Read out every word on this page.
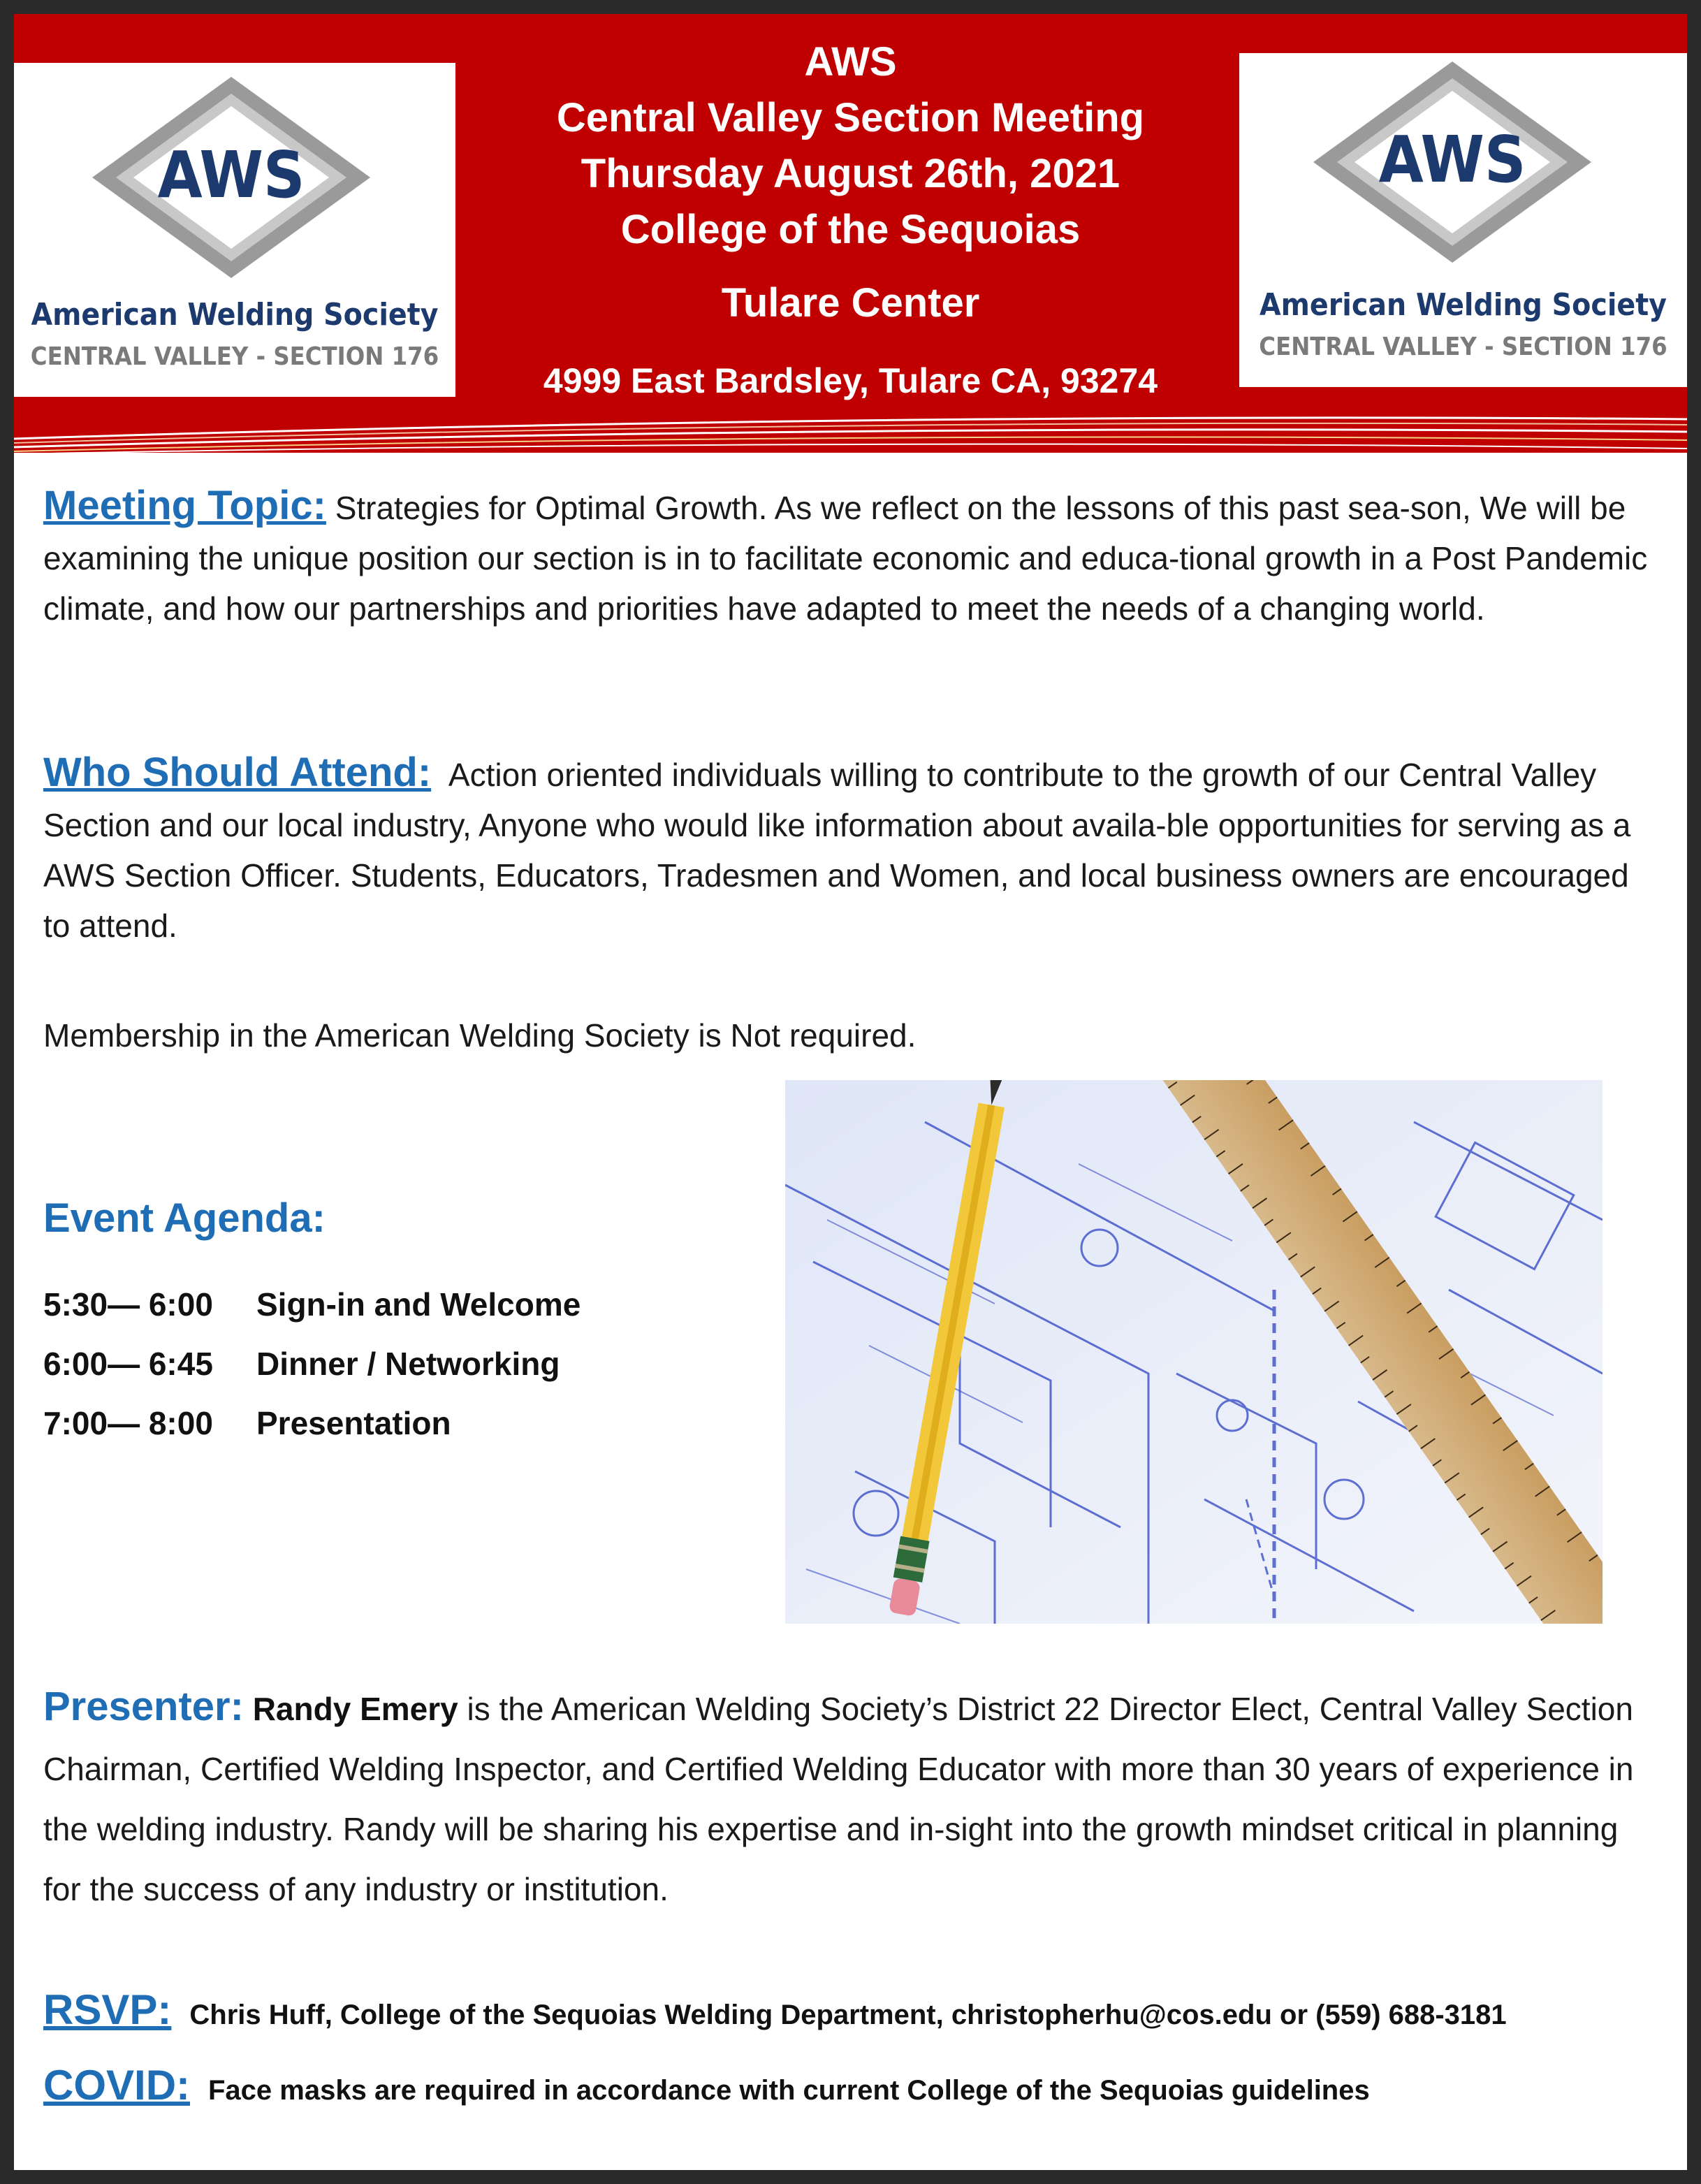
AWS
American Welding Society
CENTRAL VALLEY - SECTION 176
AWS
Central Valley Section Meeting
Thursday August 26th, 2021
College of the Sequoias
Tulare Center
4999 East Bardsley, Tulare CA, 93274
AWS
American Welding Society
CENTRAL VALLEY - SECTION 176
Meeting Topic: Strategies for Optimal Growth. As we reflect on the lessons of this past sea-son, We will be examining the unique position our section is in to facilitate economic and educa-tional growth in a Post Pandemic climate, and how our partnerships and priorities have adapted to meet the needs of a changing world.
Who Should Attend: Action oriented individuals willing to contribute to the growth of our Central Valley Section and our local industry, Anyone who would like information about availa-ble opportunities for serving as a AWS Section Officer. Students, Educators, Tradesmen and Women, and local business owners are encouraged to attend.
Membership in the American Welding Society is Not required.
Event Agenda:
5:30— 6:00 Sign-in and Welcome
6:00— 6:45 Dinner / Networking
7:00— 8:00 Presentation
Presenter: Randy Emery is the American Welding Society’s District 22 Director Elect, Central Valley Section Chairman, Certified Welding Inspector, and Certified Welding Educator with more than 30 years of experience in the welding industry. Randy will be sharing his expertise and in-sight into the growth mindset critical in planning for the success of any industry or institution.
RSVP: Chris Huff, College of the Sequoias Welding Department, christopherhu@cos.edu or (559) 688-3181
COVID: Face masks are required in accordance with current College of the Sequoias guidelines
